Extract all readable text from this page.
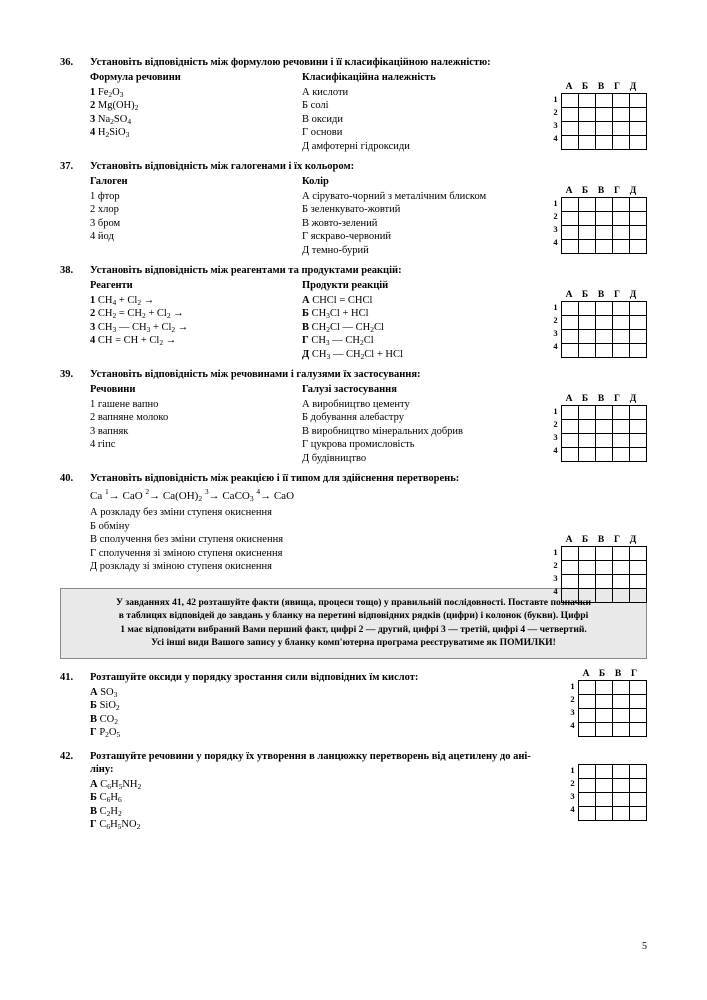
36.	Установіть відповідність між формулою речовини і її класифікаційною належністю:
Формула речовини
1 $Fe_2O_3$
2 $Mg(OH)_2$
3 $Na_2SO_4$
4 $H_2SiO_3$
Класифікаційна належність
А кислоти
Б солі
В оксиди
Г основи
Д амфотерні гідроксиди
А Б	В	Г	Д
1
2
3
4

37.	Установіть відповідність між галогенами і їх кольором:
Галоген
1 фтор
2 хлор
3 бром
4 йод
Колір
А сірувато-чорний з металічним блиском
Б зеленкувато-жовтий
В жовто-зелений
Г яскраво-червоний
Д темно-бурий
А Б	В	Г	Д
1
2
3
4

38.	Установіть відповідність між реагентами та продуктами реакцій:
Реагенти
1 $CH_4 + Cl_2$ →
2 $CH_2 = CH_2 + Cl_2$ →
3 $CH_3$ — $CH_3 + Cl_2$ →
4 CH = CH + $Cl_2$ →
Продукти реакцій
А CHCl = CHCl
Б $CH_3Cl$ + HCl
В $CH_2Cl$ — $CH_2Cl$
Г $CH_3$ — $CH_2Cl$
Д $CH_3$ — $CH_2Cl$ + HCl
А Б	В	Г	Д
1
2
3
4

39.	Установіть відповідність між речовинами і галузями їх застосування:
Речовини
1 гашене вапно
2 вапняне молоко
3 вапняк
4 гіпс
Галузі застосування
А виробництво цементу
Б добування алебастру
В виробництво мінеральних добрив
Г цукрова промисловість
Д будівництво
А Б	В	Г	Д
1
2
3
4

40.	Установіть відповідність між реакцією і її типом для здійснення перетворень:
Ca $^1$→ CaO $^2\to Ca(OH)_2$ $^3$→ CaCO$_3$ $^4$→ CaO
А розкладу без зміни ступеня окиснення
Б обміну
В сполучення без зміни ступеня окиснення
Г сполучення зі зміною ступеня окиснення
Д розкладу зі зміною ступеня окиснення
А Б	В	Г	Д
1
2
3
4

У завданнях 41, 42 розташуйте факти (явища, процеси тощо) у правильній послідовності. Поставте позначки
в таблицях відповідей до завдань у бланку на перетині відповідних рядків (цифри) і колонок (букви). Цифрі
1 має відповідати вибраний Вами перший факт, цифрі 2 — другий, цифрі 3 — третій, цифрі 4 — четвертий.
Усі інші види Вашого запису у бланку комп'ютерна програма реєструватиме як ПОМИЛКИ!
41.	Розташуйте оксиди у порядку зростання сили відповідних їм кислот:
А $SO_3$
Б SiO$_2$
В $CO_2$
Г $P_2O_5$
А Б	В	Г
1
2
3
4

42.	Розташуйте речовини у порядку їх утворення в ланцюжку перетворень від ацетилену до ані-
ліну:
А $C_6H_5NH_2$
Б $C_6H_6$
В $C_2H_2$
Г $C_6H_5NO_2$
1
2
3
4

5
